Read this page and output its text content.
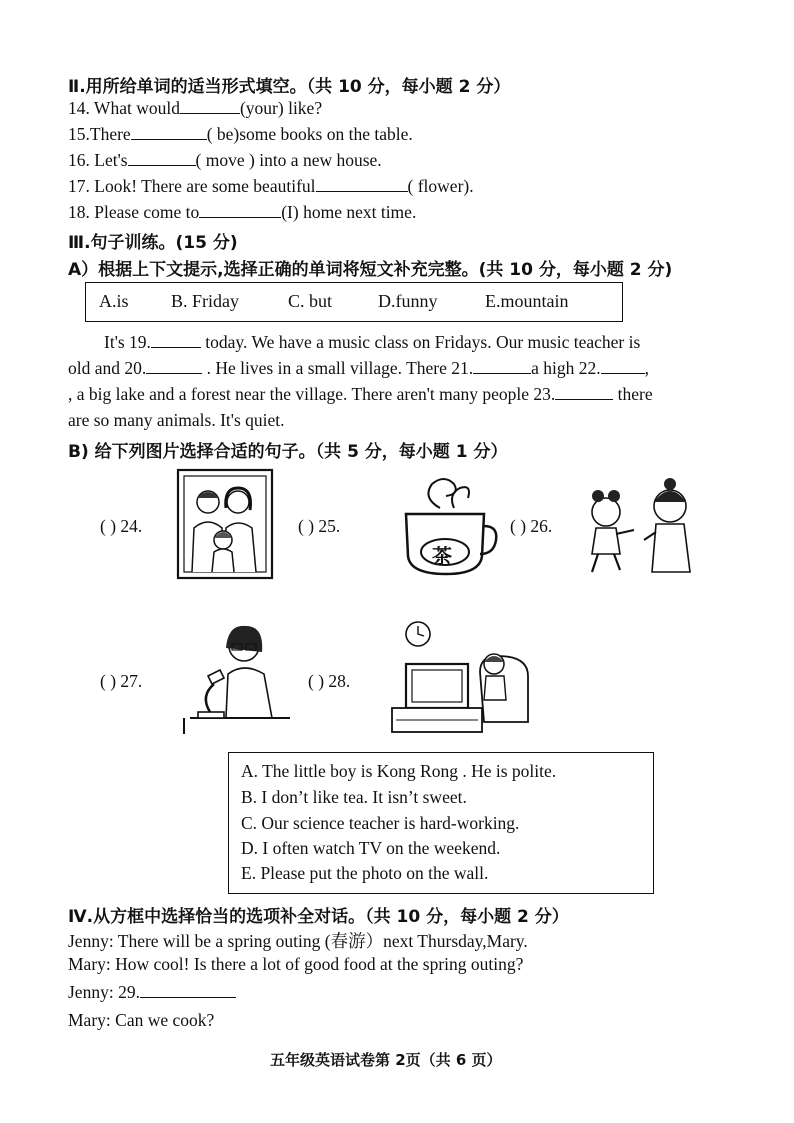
Ⅱ.用所给单词的适当形式填空。（共 10 分，每小题 2 分）
14. What would	(your) like?
15.There	( be)some books on the table.
16. Let's	( move ) into a new house.
17. Look! There are some beautiful	( flower).
18. Please come to	(I) home next time.
Ⅲ.句子训练。(15 分)
A）根据上下文提示,选择正确的单词将短文补充完整。(共 10 分，每小题 2 分)
A.is B. Friday	C. but	D.funny	E.mountain
It's 19.	today. We have a music class on Fridays. Our music teacher is
old and 20.	. He lives in a small village. There 21.	a high 22.	,
, a big lake and a forest near the village. There aren't many people 23.	there
are so many animals. It's quiet.
B) 给下列图片选择合适的句子。（共 5 分，每小题 1 分）
( ) 24.	( ) 25.
茶
( ) 26.
( ) 27.	( ) 28.
A. The little boy is Kong Rong . He is polite.
B. I don’t like tea. It isn’t sweet.
C. Our science teacher is hard-working.
D. I often watch TV on the weekend.
E. Please put the photo on the wall.
Ⅳ.从方框中选择恰当的选项补全对话。（共 10 分，每小题 2 分）
Jenny: There will be a spring outing (春游）next Thursday,Mary.
Mary: How cool! Is there a lot of good food at the spring outing?
Jenny: 29.
Mary: Can we cook?
五年级英语试卷第 2页（共 6 页）
